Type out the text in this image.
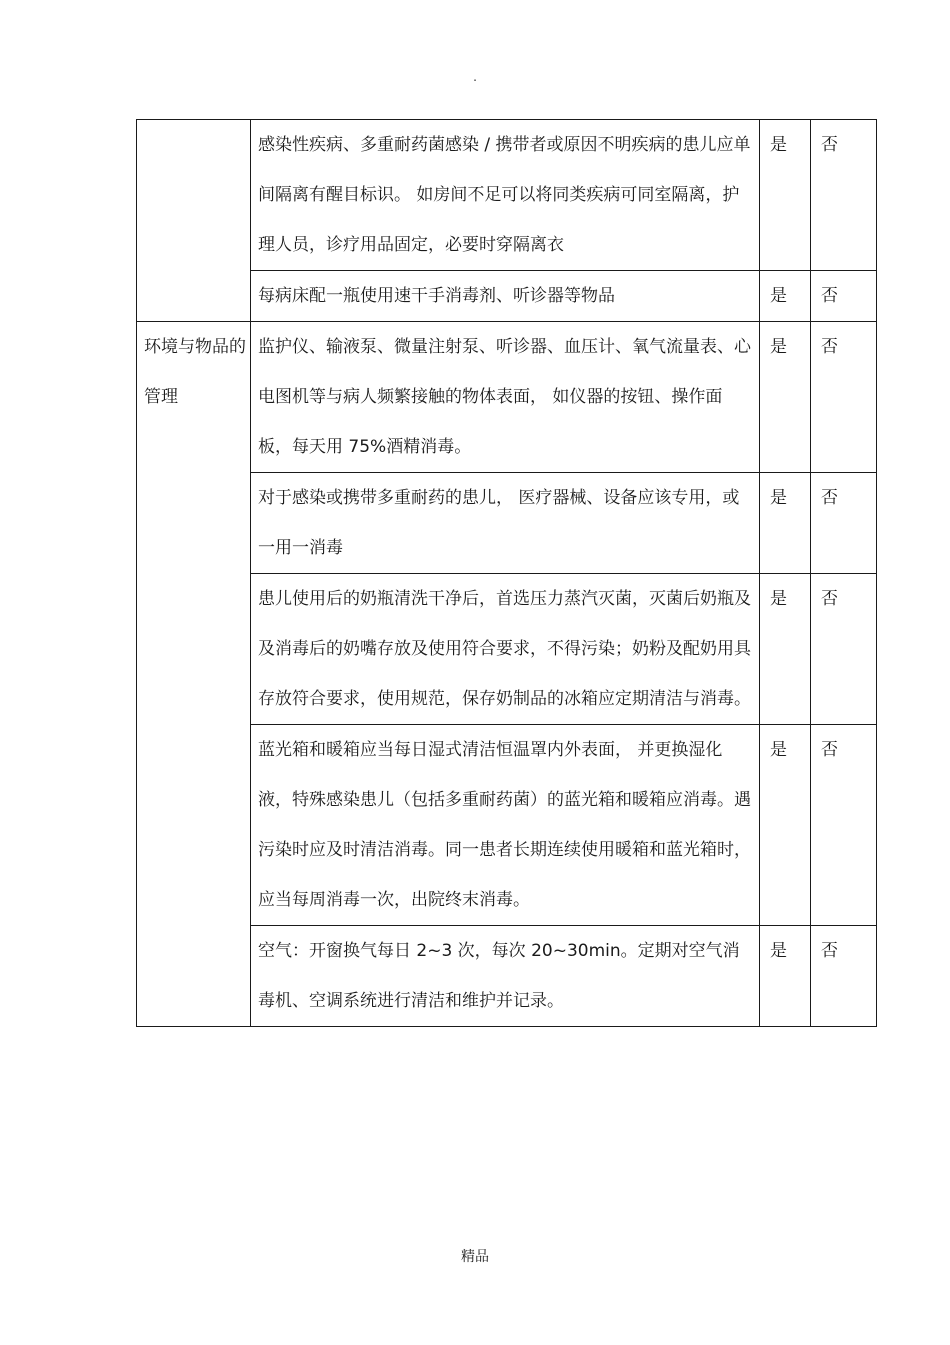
.
	感染性疾病、多重耐药菌感染 / 携带者或原因不明疾病的患儿应单间隔离有醒目标识。 如房间不足可以将同类疾病可同室隔离，护理人员，诊疗用品固定，必要时穿隔离衣	是	否
	每病床配一瓶使用速干手消毒剂、听诊器等物品	是	否
环境与物品的管理	监护仪、输液泵、微量注射泵、听诊器、血压计、氧气流量表、心电图机等与病人频繁接触的物体表面， 如仪器的按钮、操作面板，每天用 75%酒精消毒。	是	否
	对于感染或携带多重耐药的患儿， 医疗器械、设备应该专用，或一用一消毒	是	否
	患儿使用后的奶瓶清洗干净后，首选压力蒸汽灭菌，灭菌后奶瓶及及消毒后的奶嘴存放及使用符合要求，不得污染；奶粉及配奶用具存放符合要求，使用规范，保存奶制品的冰箱应定期清洁与消毒。	是	否
	蓝光箱和暖箱应当每日湿式清洁恒温罩内外表面， 并更换湿化液，特殊感染患儿（包括多重耐药菌）的蓝光箱和暖箱应消毒。遇污染时应及时清洁消毒。同一患者长期连续使用暖箱和蓝光箱时，应当每周消毒一次，出院终末消毒。	是	否
	空气：开窗换气每日 2~3 次，每次 20~30min。定期对空气消毒机、空调系统进行清洁和维护并记录。	是	否
精品
